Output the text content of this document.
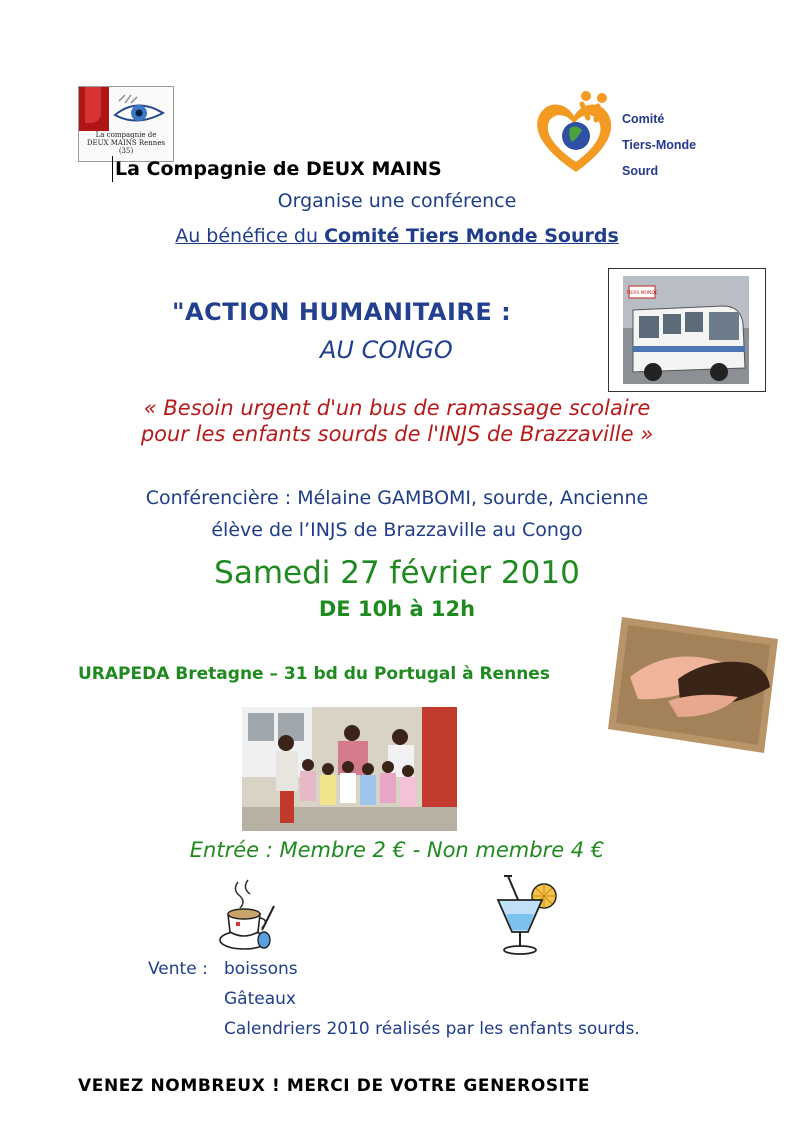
La compagnie de DEUX MAINS Rennes (35)
Comité
Tiers-Monde
Sourd
La Compagnie de DEUX MAINS
Organise une conférence
Au bénéfice du Comité Tiers Monde Sourds
"ACTION HUMANITAIRE :
AU CONGO
TIERS MONDE
« Besoin urgent d'un bus de ramassage scolaire
pour les enfants sourds de l'INJS de Brazzaville »
Conférencière : Mélaine GAMBOMI, sourde, Ancienne
élève de l’INJS de Brazzaville au Congo
Samedi 27 février 2010
DE 10h à 12h
URAPEDA Bretagne – 31 bd du Portugal à Rennes
Entrée : Membre 2 € - Non membre 4 €
Vente : boissons
Gâteaux
Calendriers 2010 réalisés par les enfants sourds.
VENEZ NOMBREUX ! MERCI DE VOTRE GENEROSITE
